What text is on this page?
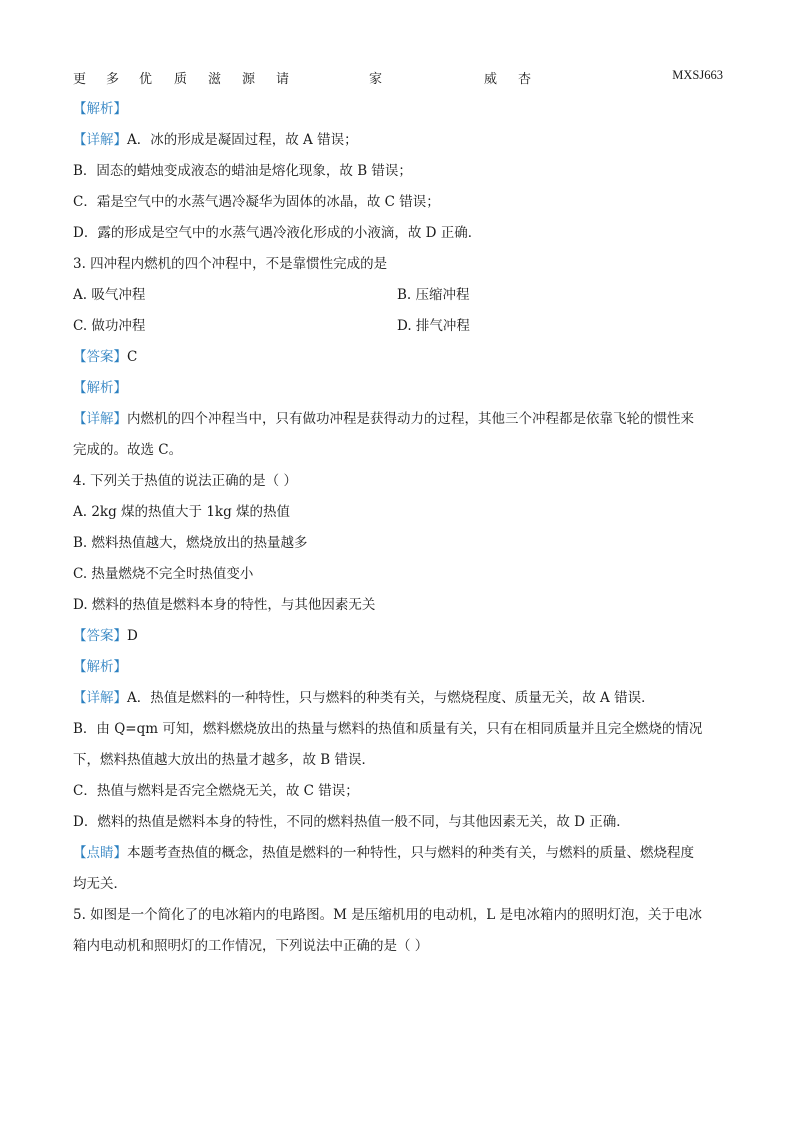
更 多 优 质 滋 源 请	家	威 杏	MXSJ663
【解析】
【详解】A．冰的形成是凝固过程，故 A 错误；
B．固态的蜡烛变成液态的蜡油是熔化现象，故 B 错误；
C．霜是空气中的水蒸气遇冷凝华为固体的冰晶，故 C 错误；
D．露的形成是空气中的水蒸气遇冷液化形成的小液滴，故 D 正确．
3. 四冲程内燃机的四个冲程中，不是靠惯性完成的是
【答案】C
【解析】
【详解】内燃机的四个冲程当中，只有做功冲程是获得动力的过程，其他三个冲程都是依靠飞轮的惯性来
完成的。故选 C。
4. 下列关于热值的说法正确的是（ ）
A. 2kg 煤的热值大于 1kg 煤的热值
B. 燃料热值越大，燃烧放出的热量越多
C. 热量燃烧不完全时热值变小
D. 燃料的热值是燃料本身的特性，与其他因素无关
【答案】D
【解析】
【详解】A．热值是燃料的一种特性，只与燃料的种类有关，与燃烧程度、质量无关，故 A 错误．
B．由 Q=qm 可知，燃料燃烧放出的热量与燃料的热值和质量有关，只有在相同质量并且完全燃烧的情况
下，燃料热值越大放出的热量才越多，故 B 错误．
C．热值与燃料是否完全燃烧无关，故 C 错误；
D．燃料的热值是燃料本身的特性，不同的燃料热值一般不同，与其他因素无关，故 D 正确．
【点睛】本题考查热值的概念，热值是燃料的一种特性，只与燃料的种类有关，与燃料的质量、燃烧程度
均无关．
5. 如图是一个简化了的电冰箱内的电路图。M 是压缩机用的电动机，L 是电冰箱内的照明灯泡，关于电冰
箱内电动机和照明灯的工作情况，下列说法中正确的是（ ）
A. 吸气冲程	B. 压缩冲程
C. 做功冲程	D. 排气冲程
